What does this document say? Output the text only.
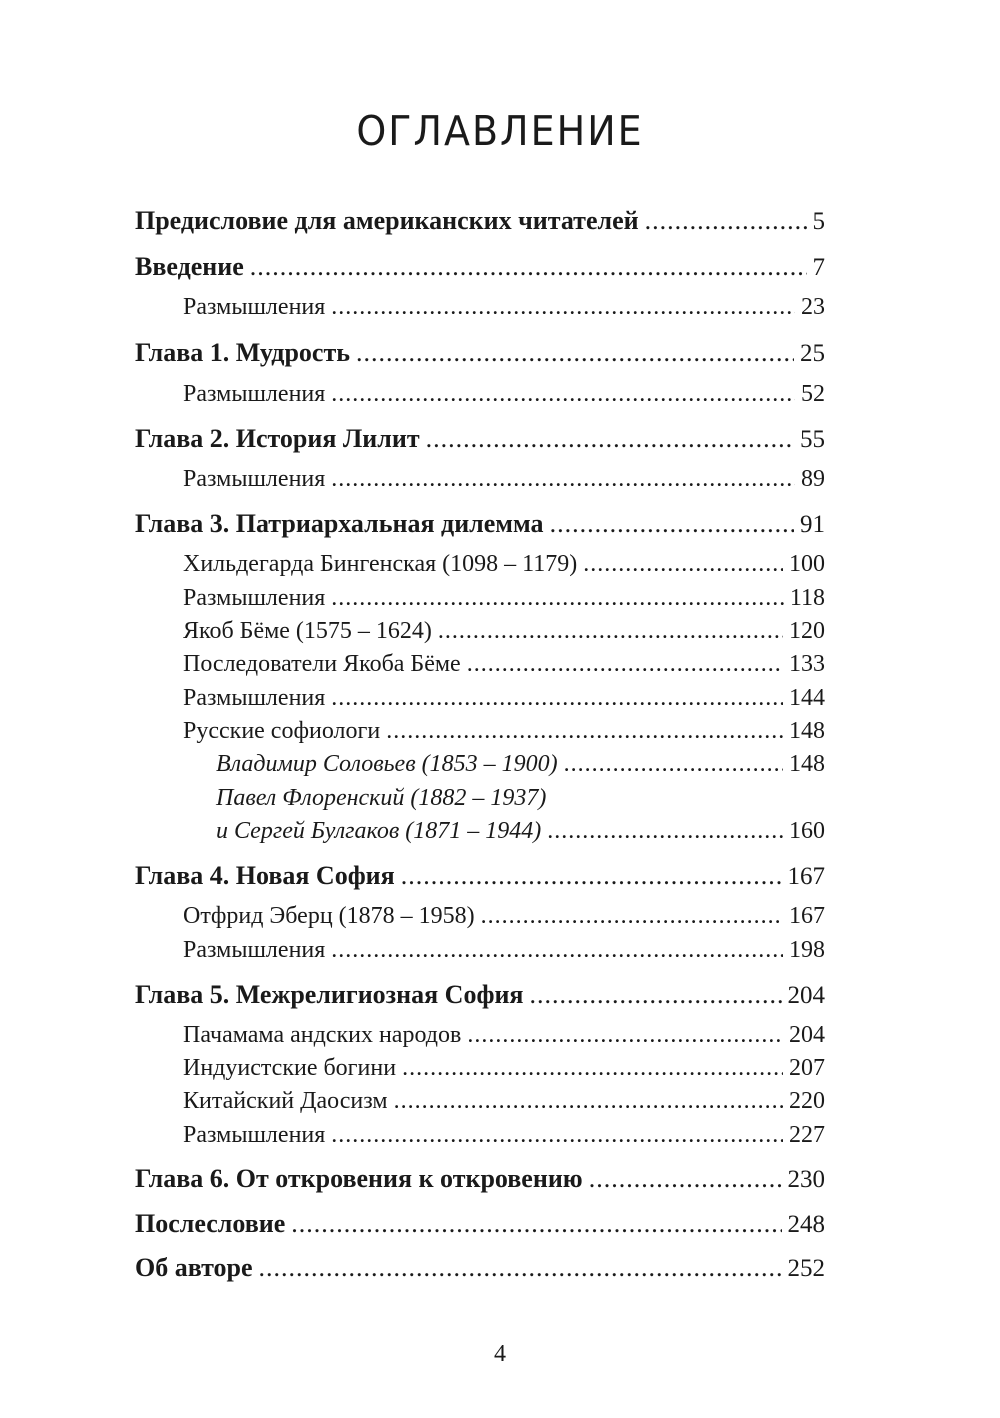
ОГЛАВЛЕНИЕ
Предисловие для американских читателей .....	5
Введение .....	7
Размышления .....	23
Глава 1. Мудрость .....	25
Размышления .....	52
Глава 2. История Лилит .....	55
Размышления .....	89
Глава 3. Патриархальная дилемма .....	91
Хильдегарда Бингенская (1098 – 1179) .....	100
Размышления .....	118
Якоб Бёме (1575 – 1624) .....	120
Последователи Якоба Бёме .....	133
Размышления .....	144
Русские софиологи .....	148
Владимир Соловьев (1853 – 1900) .....	148
Павел Флоренский (1882 – 1937)
и Сергей Булгаков (1871 – 1944) .....	160
Глава 4. Новая София .....	167
Отфрид Эберц (1878 – 1958) .....	167
Размышления .....	198
Глава 5. Межрелигиозная София .....	204
Пачамама андских народов .....	204
Индуистские богини .....	207
Китайский Даосизм .....	220
Размышления .....	227
Глава 6. От откровения к откровению .....	230
Послесловие .....	248
Об авторе .....	252
4
